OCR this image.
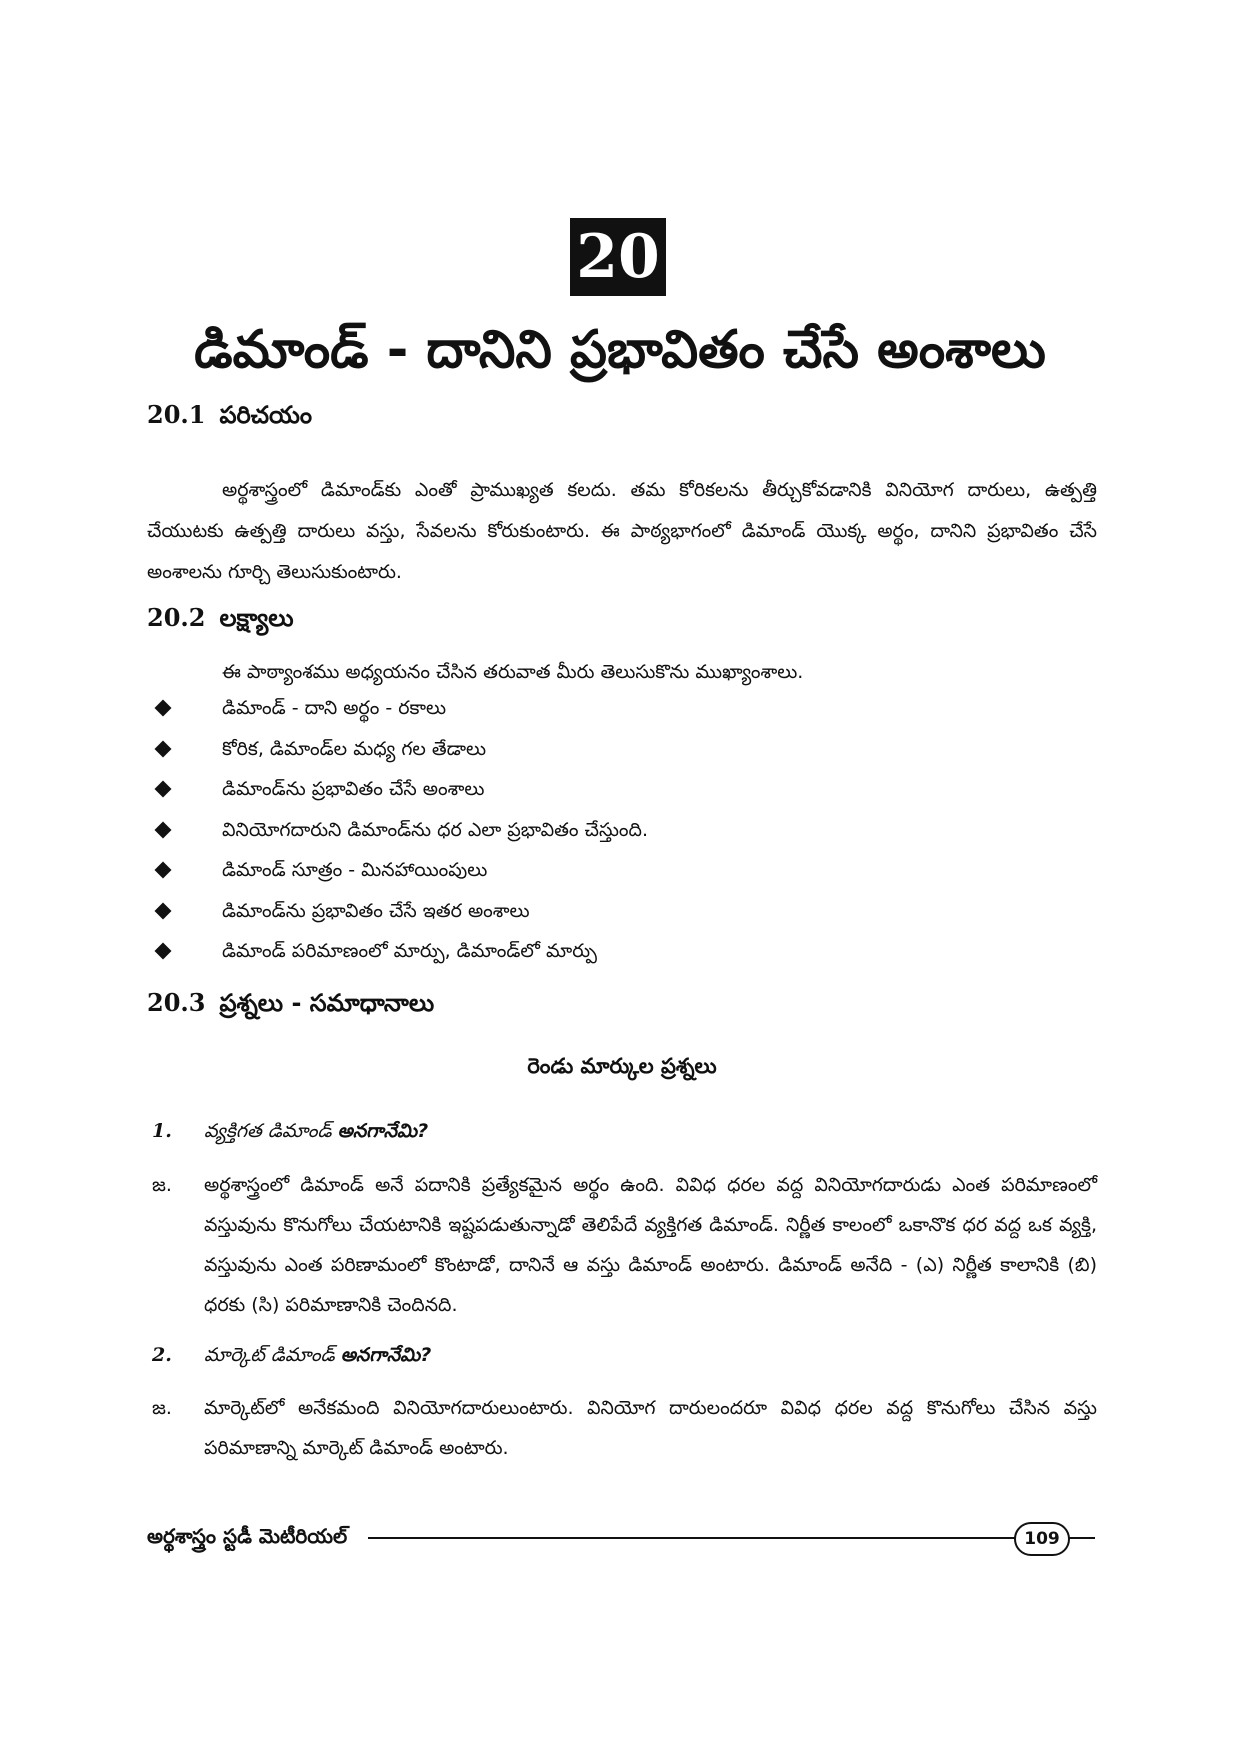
20
డిమాండ్ - దానిని ప్రభావితం చేసే అంశాలు
20.1 పరిచయం
అర్థశాస్త్రంలో డిమాండ్‌కు ఎంతో ప్రాముఖ్యత కలదు. తమ కోరికలను తీర్చుకోవడానికి వినియోగ దారులు, ఉత్పత్తి చేయుటకు ఉత్పత్తి దారులు వస్తు, సేవలను కోరుకుంటారు. ఈ పాఠ్యభాగంలో డిమాండ్ యొక్క అర్థం, దానిని ప్రభావితం చేసే అంశాలను గూర్చి తెలుసుకుంటారు.
20.2 లక్ష్యాలు
ఈ పాఠ్యాంశము అధ్యయనం చేసిన తరువాత మీరు తెలుసుకొను ముఖ్యాంశాలు.
డిమాండ్ - దాని అర్థం - రకాలు
కోరిక, డిమాండ్‌ల మధ్య గల తేడాలు
డిమాండ్‌ను ప్రభావితం చేసే అంశాలు
వినియోగదారుని డిమాండ్‌ను ధర ఎలా ప్రభావితం చేస్తుంది.
డిమాండ్ సూత్రం - మినహాయింపులు
డిమాండ్‌ను ప్రభావితం చేసే ఇతర అంశాలు
డిమాండ్ పరిమాణంలో మార్పు, డిమాండ్‌లో మార్పు
20.3 ప్రశ్నలు - సమాధానాలు
రెండు మార్కుల ప్రశ్నలు
1. వ్యక్తిగత డిమాండ్ అనగానేమి?
జ. అర్థశాస్త్రంలో డిమాండ్ అనే పదానికి ప్రత్యేకమైన అర్థం ఉంది. వివిధ ధరల వద్ద వినియోగదారుడు ఎంత పరిమాణంలో వస్తువును కొనుగోలు చేయటానికి ఇష్టపడుతున్నాడో తెలిపేదే వ్యక్తిగత డిమాండ్. నిర్ణీత కాలంలో ఒకానొక ధర వద్ద ఒక వ్యక్తి, వస్తువును ఎంత పరిణామంలో కొంటాడో, దానినే ఆ వస్తు డిమాండ్ అంటారు. డిమాండ్ అనేది - (ఎ) నిర్ణీత కాలానికి (బి) ధరకు (సి) పరిమాణానికి చెందినది.
2. మార్కెట్ డిమాండ్ అనగానేమి?
జ. మార్కెట్‌లో అనేకమంది వినియోగదారులుంటారు. వినియోగ దారులందరూ వివిధ ధరల వద్ద కొనుగోలు చేసిన వస్తు పరిమాణాన్ని మార్కెట్ డిమాండ్ అంటారు.
అర్థశాస్త్రం స్టడీ మెటీరియల్	109
